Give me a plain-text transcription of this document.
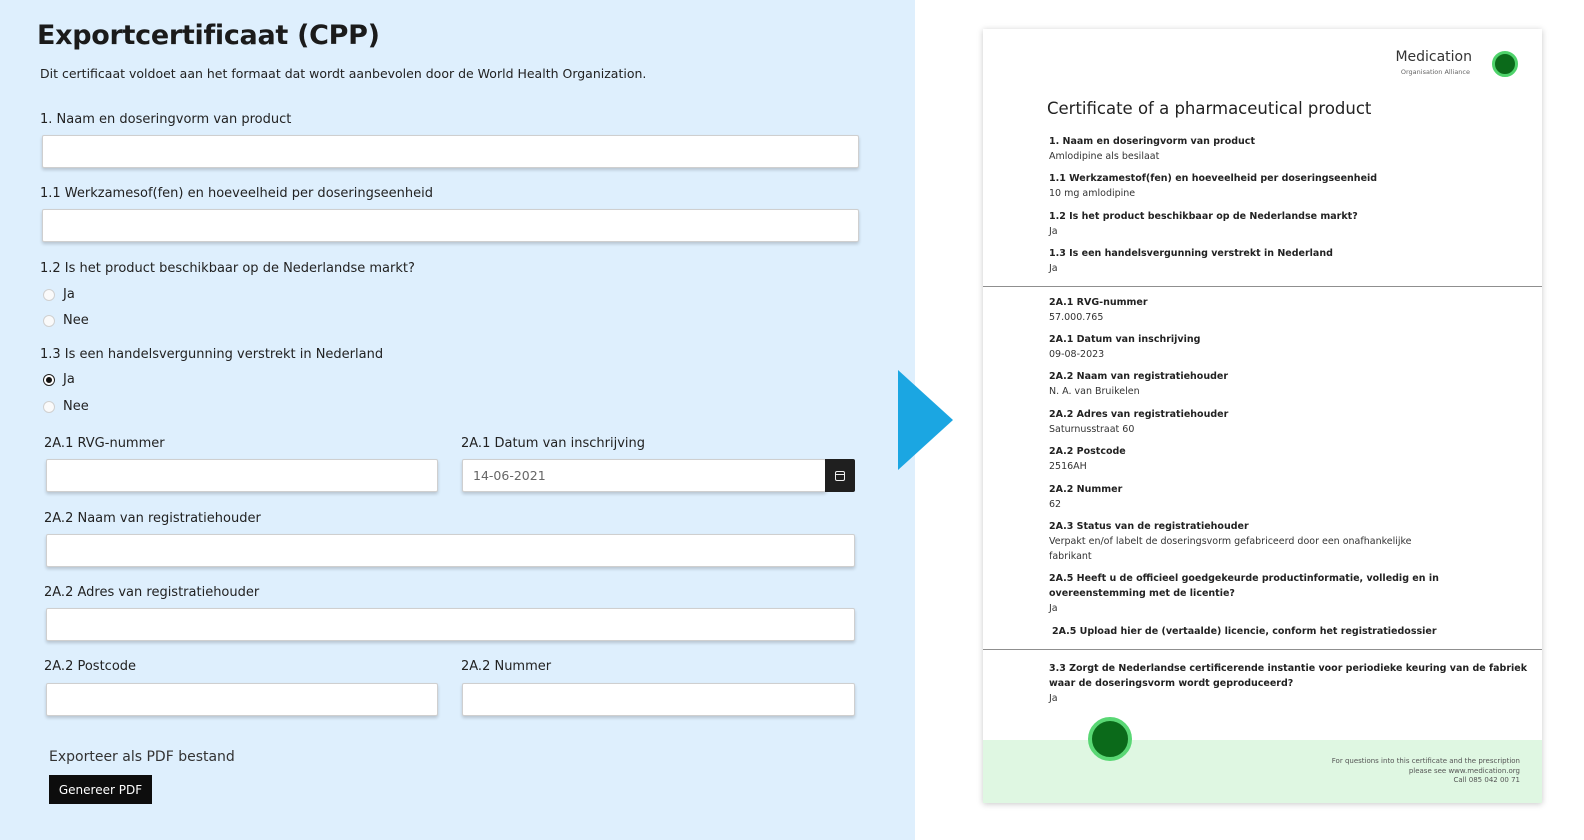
Exportcertificaat (CPP)
Dit certificaat voldoet aan het formaat dat wordt aanbevolen door de World Health Organization.
1. Naam en doseringvorm van product
1.1 Werkzamesof(fen) en hoeveelheid per doseringseenheid
1.2 Is het product beschikbaar op de Nederlandse markt?
Ja
Nee
1.3 Is een handelsvergunning verstrekt in Nederland
Ja
Nee
2A.1 RVG-nummer	2A.1 Datum van inschrijving
14-06-2021
2A.2 Naam van registratiehouder
2A.2 Adres van registratiehouder
2A.2 Postcode	2A.2 Nummer
Exporteer als PDF bestand
Genereer PDF
Medication
Organisation Alliance
Certificate of a pharmaceutical product
1. Naam en doseringvorm van product
Amlodipine als besilaat
1.1 Werkzamestof(fen) en hoeveelheid per doseringseenheid
10 mg amlodipine
1.2 Is het product beschikbaar op de Nederlandse markt?
Ja
1.3 Is een handelsvergunning verstrekt in Nederland
Ja
2A.1 RVG-nummer
57.000.765
2A.1 Datum van inschrijving
09-08-2023
2A.2 Naam van registratiehouder
N. A. van Bruikelen
2A.2 Adres van registratiehouder
Saturnusstraat 60
2A.2 Postcode
2516AH
2A.2 Nummer
62
2A.3 Status van de registratiehouder
Verpakt en/of labelt de doseringsvorm gefabriceerd door een onafhankelijke
fabrikant
2A.5 Heeft u de officieel goedgekeurde productinformatie, volledig en in
overeenstemming met de licentie?
Ja
2A.5 Upload hier de (vertaalde) licencie, conform het registratiedossier
3.3 Zorgt de Nederlandse certificerende instantie voor periodieke keuring van de fabriek
waar de doseringsvorm wordt geproduceerd?
Ja
For questions into this certificate and the prescription
please see www.medication.org
Call 085 042 00 71
